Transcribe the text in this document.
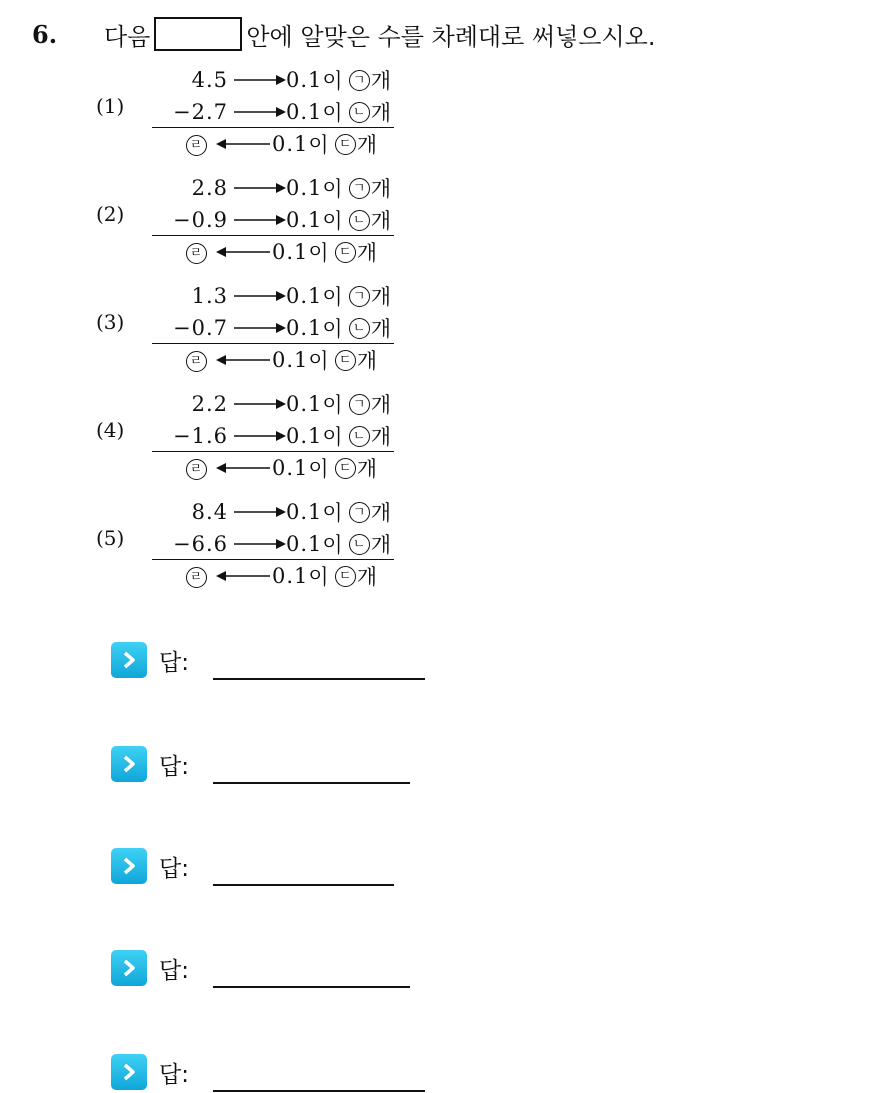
6.	다음	안에 알맞은 수를 차례대로 써넣으시오.
(1)
4.5	0.1 이 ㄱ 개
−2.7	0.1 이 ㄴ 개
ㄹ	0.1 이 ㄷ 개
(2)
2.8	0.1 이 ㄱ 개
−0.9	0.1 이 ㄴ 개
ㄹ	0.1 이 ㄷ 개
(3)
1.3	0.1 이 ㄱ 개
−0.7	0.1 이 ㄴ 개
ㄹ	0.1 이 ㄷ 개
(4)
2.2	0.1 이 ㄱ 개
−1.6	0.1 이 ㄴ 개
ㄹ	0.1 이 ㄷ 개
(5)
8.4	0.1 이 ㄱ 개
−6.6	0.1 이 ㄴ 개
ㄹ	0.1 이 ㄷ 개
답:
답:
답:
답:
답:
